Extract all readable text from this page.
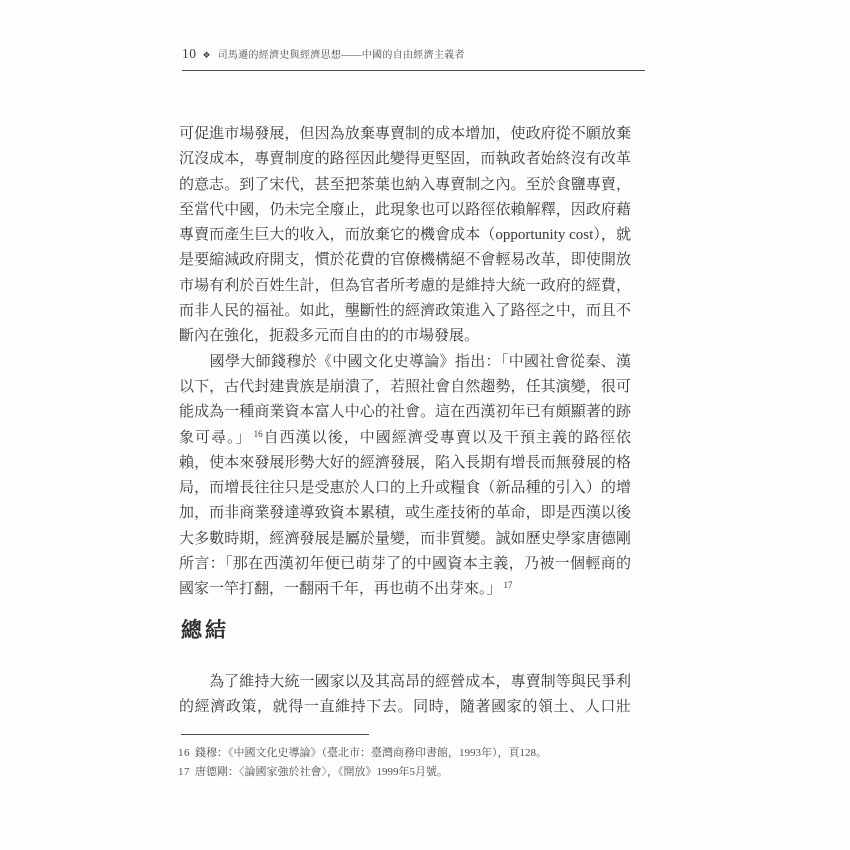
10 ❖ 司馬遷的經濟史與經濟思想——中國的自由經濟主義者
可促進市場發展，但因為放棄專賣制的成本增加，使政府從不願放棄
沉沒成本，專賣制度的路徑因此變得更堅固，而執政者始終沒有改革
的意志。到了宋代，甚至把茶葉也納入專賣制之內。至於食鹽專賣，
至當代中國，仍未完全廢止，此現象也可以路徑依賴解釋，因政府藉
專賣而產生巨大的收入，而放棄它的機會成本（opportunity cost），就
是要縮減政府開支，慣於花費的官僚機構絕不會輕易改革，即使開放
市場有利於百姓生計，但為官者所考慮的是維持大統一政府的經費，
而非人民的福祉。如此，壟斷性的經濟政策進入了路徑之中，而且不
斷內在強化，扼殺多元而自由的的市場發展。
　　國學大師錢穆於《中國文化史導論》指出：「中國社會從秦、漢
以下，古代封建貴族是崩潰了，若照社會自然趨勢，任其演變，很可
能成為一種商業資本富人中心的社會。這在西漢初年已有頗顯著的跡
象可尋。」 $^{16}$自西漢以後，中國經濟受專賣以及干預主義的路徑依
賴，使本來發展形勢大好的經濟發展，陷入長期有增長而無發展的格
局，而增長往往只是受惠於人口的上升或糧食（新品種的引入）的增
加，而非商業發達導致資本累積，或生產技術的革命，即是西漢以後
大多數時期，經濟發展是屬於量變，而非質變。誠如歷史學家唐德剛
所言：「那在西漢初年便已萌芽了的中國資本主義，乃被一個輕商的
國家一竿打翻，一翻兩千年，再也萌不出芽來。」 $^{17}$
總結
　　為了維持大統一國家以及其高昂的經營成本，專賣制等與民爭利
的經濟政策，就得一直維持下去。同時，隨著國家的領土、人口壯
16 錢穆：《中國文化史導論》（臺北市：臺灣商務印書館，1993年），頁128。
17 唐德剛：〈論國家強於社會〉，《開放》1999年5月號。
